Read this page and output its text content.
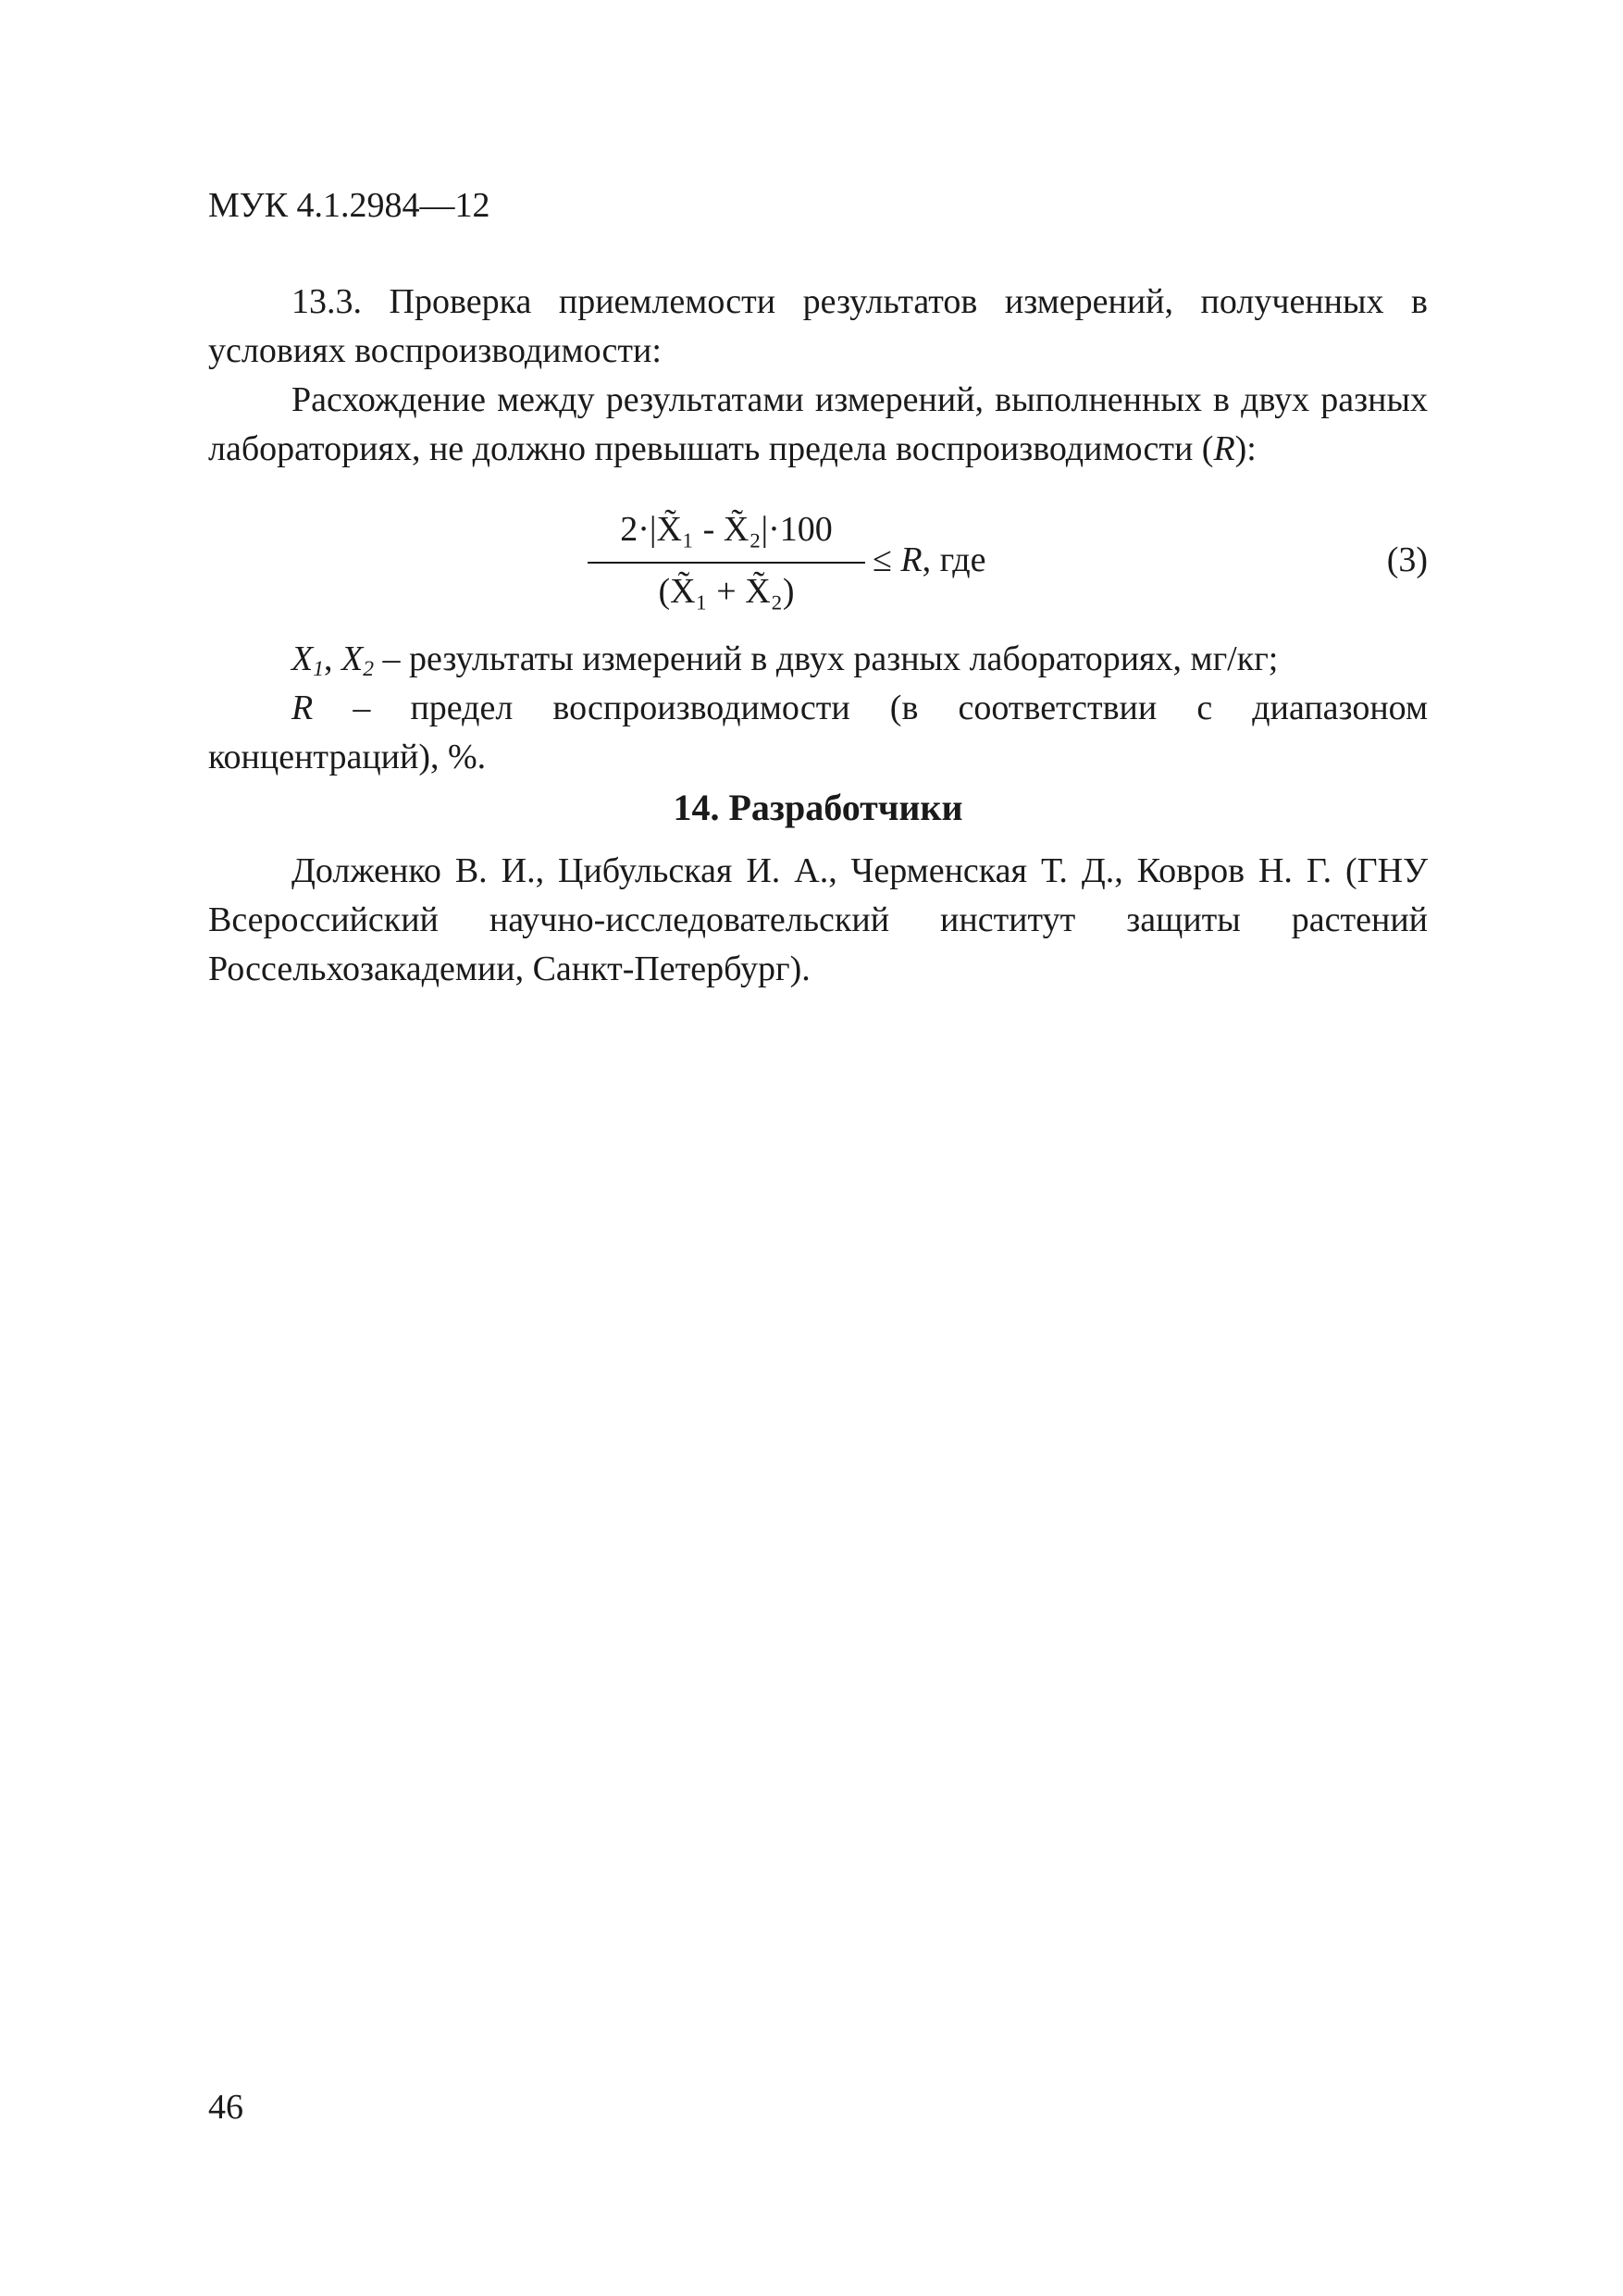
МУК 4.1.2984—12

13.3. Проверка приемлемости результатов измерений, полученных в условиях воспроизводимости:

Расхождение между результатами измерений, выполненных в двух разных лабораториях, не должно превышать предела воспроизводимости (R):

2·|X̃₁ - X̃₂|·100
(X̃₁ + X̃₂)
≤ R, где	(3)

$X_1$, $X_2$ – результаты измерений в двух разных лабораториях, мг/кг;

R – предел воспроизводимости (в соответствии с диапазоном концентраций), %.

14. Разработчики

Долженко В. И., Цибульская И. А., Черменская Т. Д., Ковров Н. Г. (ГНУ Всероссийский научно-исследовательский институт защиты растений Россельхозакадемии, Санкт-Петербург).

46
